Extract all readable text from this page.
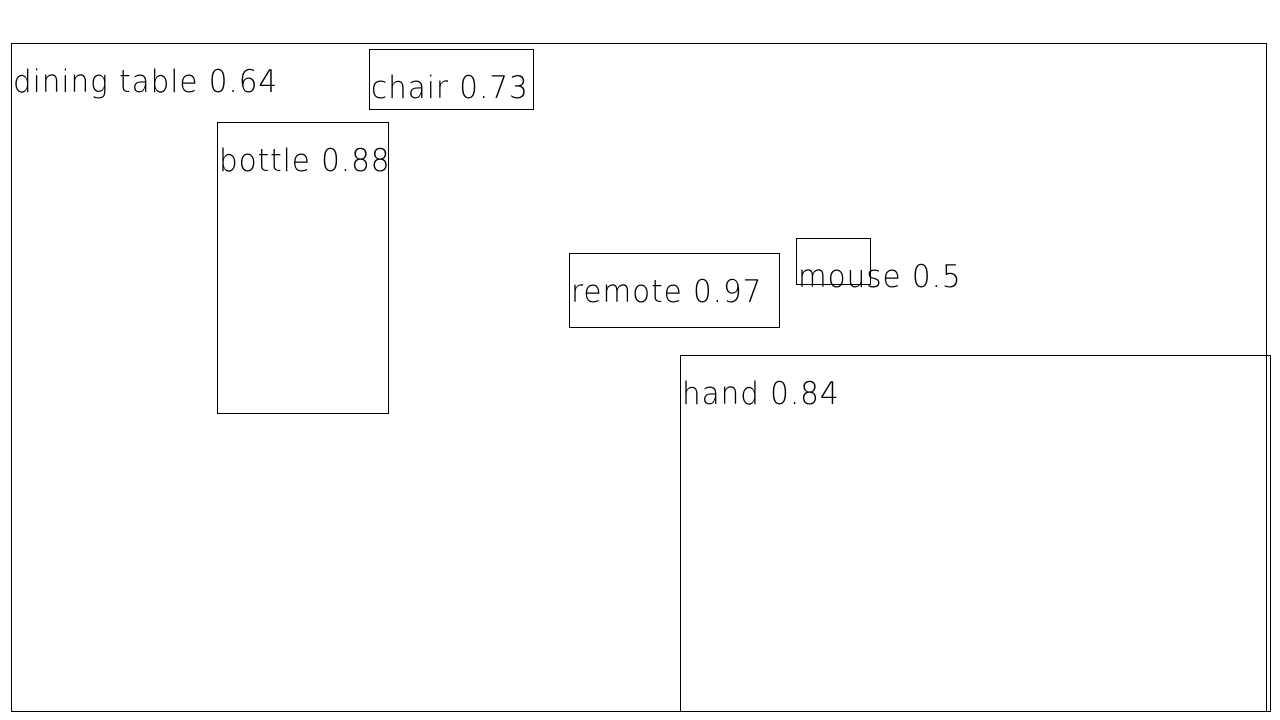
dining table 0.64	chair 0.73
bottle 0.88
remote 0.97 mouse 0.5
hand 0.84
